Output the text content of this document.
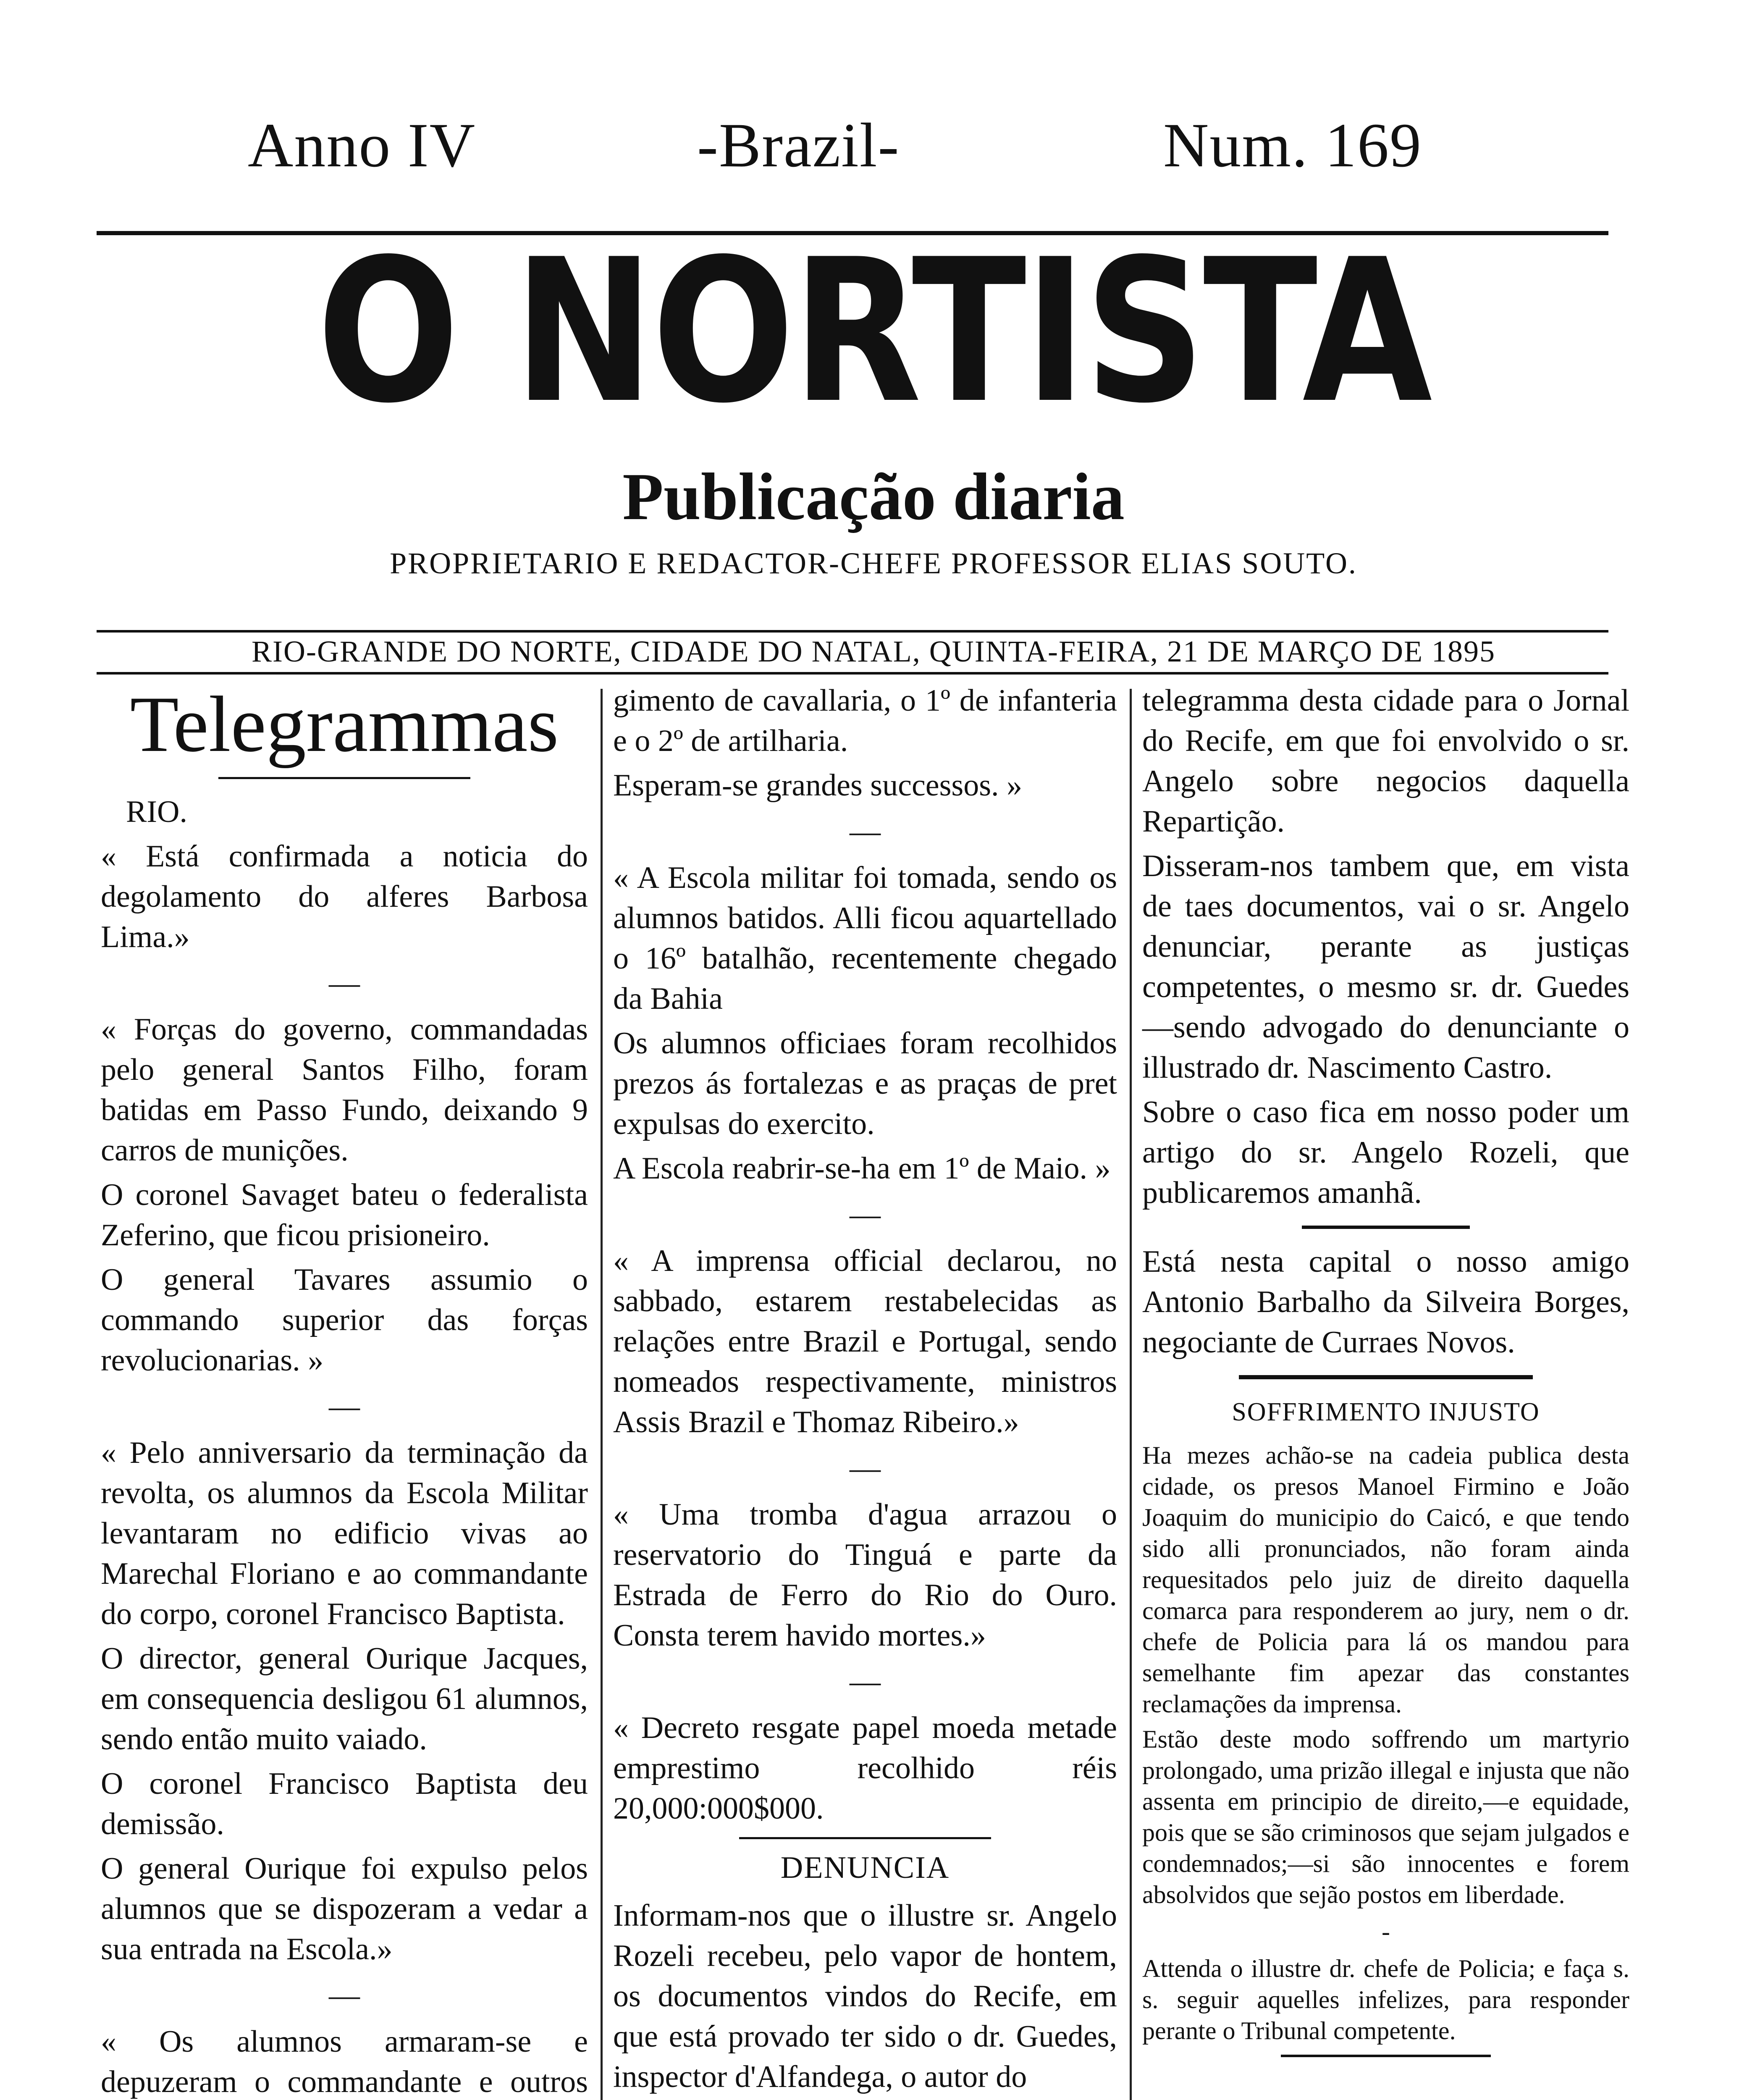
Anno IV	-Brazil-	Num. 169
O NORTISTA
Publicação diaria
PROPRIETARIO E REDACTOR-CHEFE PROFESSOR ELIAS SOUTO.
RIO-GRANDE DO NORTE, CIDADE DO NATAL, QUINTA-FEIRA, 21 DE MARÇO DE 1895
Telegrammas

RIO.

« Está confirmada a noticia do degolamento do alferes Barbosa Lima.»

—

« Forças do governo, commandadas pelo general Santos Filho, foram batidas em Passo Fundo, deixando 9 carros de munições.

O coronel Savaget bateu o federalista Zeferino, que ficou prisioneiro.

O general Tavares assumio o commando superior das forças revolucionarias. »

—

« Pelo anniversario da terminação da revolta, os alumnos da Escola Militar levantaram no edificio vivas ao Marechal Floriano e ao commandante do corpo, coronel Francisco Baptista.

O director, general Ourique Jacques, em consequencia desligou 61 alumnos, sendo então muito vaiado.

O coronel Francisco Baptista deu demissão.

O general Ourique foi expulso pelos alumnos que se dispozeram a vedar a sua entrada na Escola.»

—

« Os alumnos armaram-se e depuzeram o commandante e outros

gimento de cavallaria, o 1º de infanteria e o 2º de artilharia.

Esperam-se grandes successos. »

—

« A Escola militar foi tomada, sendo os alumnos batidos. Alli ficou aquartellado o 16º batalhão, recentemente chegado da Bahia

Os alumnos officiaes foram recolhidos prezos ás fortalezas e as praças de pret expulsas do exercito.

A Escola reabrir-se-ha em 1º de Maio. »

—

« A imprensa official declarou, no sabbado, estarem restabelecidas as relações entre Brazil e Portugal, sendo nomeados respectivamente, ministros Assis Brazil e Thomaz Ribeiro.»

—

« Uma tromba d'agua arrazou o reservatorio do Tinguá e parte da Estrada de Ferro do Rio do Ouro. Consta terem havido mortes.»

—

« Decreto resgate papel moeda metade emprestimo recolhido réis 20,000:000$000.

DENUNCIA

Informam-nos que o illustre sr. Angelo Rozeli recebeu, pelo vapor de hontem, os documentos vindos do Recife, em que está provado ter sido o dr. Guedes, inspector d'Alfandega, o autor do

telegramma desta cidade para o Jornal do Recife, em que foi envolvido o sr. Angelo sobre negocios daquella Repartição.

Disseram-nos tambem que, em vista de taes documentos, vai o sr. Angelo denunciar, perante as justiças competentes, o mesmo sr. dr. Guedes—sendo advogado do denunciante o illustrado dr. Nascimento Castro.

Sobre o caso fica em nosso poder um artigo do sr. Angelo Rozeli, que publicaremos amanhã.

Está nesta capital o nosso amigo Antonio Barbalho da Silveira Borges, negociante de Curraes Novos.

SOFFRIMENTO INJUSTO

Ha mezes achão-se na cadeia publica desta cidade, os presos Manoel Firmino e João Joaquim do municipio do Caicó, e que tendo sido alli pronunciados, não foram ainda requesitados pelo juiz de direito daquella comarca para responderem ao jury, nem o dr. chefe de Policia para lá os mandou para semelhante fim apezar das constantes reclamações da imprensa.

Estão deste modo soffrendo um martyrio prolongado, uma prizão illegal e injusta que não assenta em principio de direito,—e equidade, pois que se são criminosos que sejam julgados e condemnados;—si são innocentes e forem absolvidos que sejão postos em liberdade.

-

Attenda o illustre dr. chefe de Policia; e faça s. s. seguir aquelles infelizes, para responder perante o Tribunal competente.
